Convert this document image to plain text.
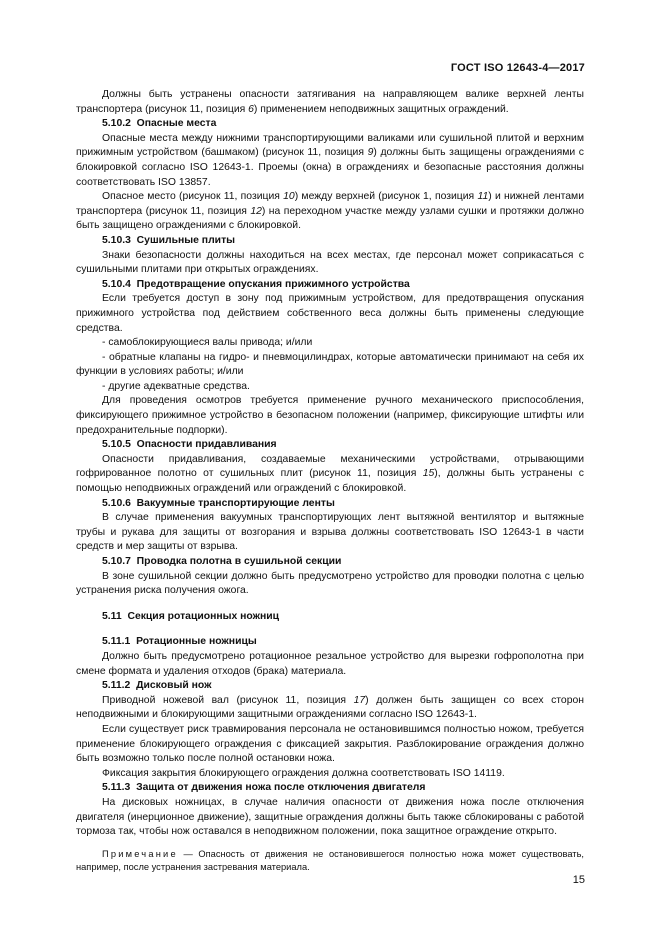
ГОСТ ISO 12643-4—2017

Должны быть устранены опасности затягивания на направляющем валике верхней ленты транспортера (рисунок 11, позиция 6) применением неподвижных защитных ограждений.

5.10.2 Опасные места

Опасные места между нижними транспортирующими валиками или сушильной плитой и верхним прижимным устройством (башмаком) (рисунок 11, позиция 9) должны быть защищены ограждениями с блокировкой согласно ISO 12643-1. Проемы (окна) в ограждениях и безопасные расстояния должны соответствовать ISO 13857.

Опасное место (рисунок 11, позиция 10) между верхней (рисунок 1, позиция 11) и нижней лентами транспортера (рисунок 11, позиция 12) на переходном участке между узлами сушки и протяжки должно быть защищено ограждениями с блокировкой.

5.10.3 Сушильные плиты

Знаки безопасности должны находиться на всех местах, где персонал может соприкасаться с сушильными плитами при открытых ограждениях.

5.10.4 Предотвращение опускания прижимного устройства

Если требуется доступ в зону под прижимным устройством, для предотвращения опускания прижимного устройства под действием собственного веса должны быть применены следующие средства.

- самоблокирующиеся валы привода; и/или

- обратные клапаны на гидро- и пневмоцилиндрах, которые автоматически принимают на себя их функции в условиях работы; и/или

- другие адекватные средства.

Для проведения осмотров требуется применение ручного механического приспособления, фиксирующего прижимное устройство в безопасном положении (например, фиксирующие штифты или предохранительные подпорки).

5.10.5 Опасности придавливания

Опасности придавливания, создаваемые механическими устройствами, отрывающими гофрированное полотно от сушильных плит (рисунок 11, позиция 15), должны быть устранены с помощью неподвижных ограждений или ограждений с блокировкой.

5.10.6 Вакуумные транспортирующие ленты

В случае применения вакуумных транспортирующих лент вытяжной вентилятор и вытяжные трубы и рукава для защиты от возгорания и взрыва должны соответствовать ISO 12643-1 в части средств и мер защиты от взрыва.

5.10.7 Проводка полотна в сушильной секции

В зоне сушильной секции должно быть предусмотрено устройство для проводки полотна с целью устранения риска получения ожога.

5.11 Секция ротационных ножниц

5.11.1 Ротационные ножницы

Должно быть предусмотрено ротационное резальное устройство для вырезки гофрополотна при смене формата и удаления отходов (брака) материала.

5.11.2 Дисковый нож

Приводной ножевой вал (рисунок 11, позиция 17) должен быть защищен со всех сторон неподвижными и блокирующими защитными ограждениями согласно ISO 12643-1.

Если существует риск травмирования персонала не остановившимся полностью ножом, требуется применение блокирующего ограждения с фиксацией закрытия. Разблокирование ограждения должно быть возможно только после полной остановки ножа.

Фиксация закрытия блокирующего ограждения должна соответствовать ISO 14119.

5.11.3 Защита от движения ножа после отключения двигателя

На дисковых ножницах, в случае наличия опасности от движения ножа после отключения двигателя (инерционное движение), защитные ограждения должны быть также сблокированы с работой тормоза так, чтобы нож оставался в неподвижном положении, пока защитное ограждение открыто.

Примечание — Опасность от движения не остановившегося полностью ножа может существовать, например, после устранения застревания материала.

15
